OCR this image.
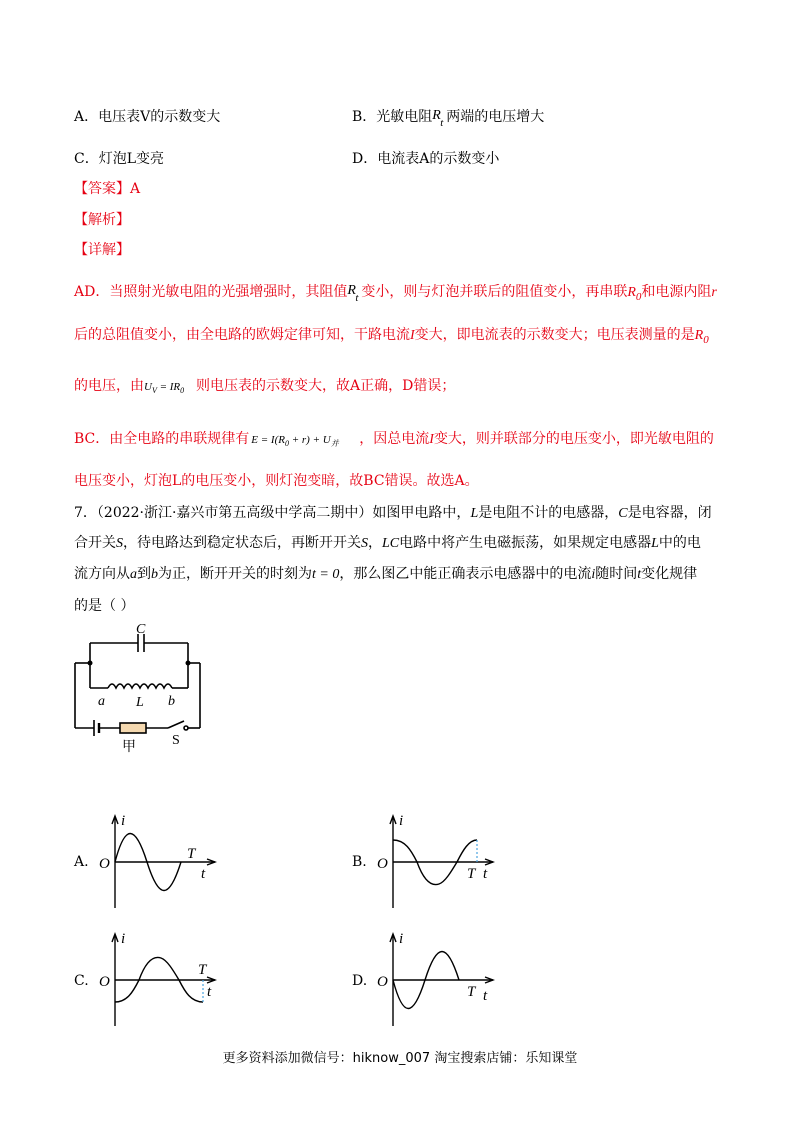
A．电压表V的示数变大	B．光敏电阻 R t 两端的电压增大
C．灯泡L变亮	D．电流表A的示数变小
【答案】A
【解析】
【详解】
AD．当照射光敏电阻的光强增强时，其阻值 R t 变小，则与灯泡并联后的阻值变小，再串联$R_0$和电源内阻r
后的总阻值变小，由全电路的欧姆定律可知，干路电流I变大，即电流表的示数变大；电压表测量的是$R_0$
的电压，由 $U_V = IR_0$ 则电压表的示数变大，故A正确，D错误；
BC．由全电路的串联规律有 $E = I(R_0 + r) + U_并$ ，因总电流I变大，则并联部分的电压变小，即光敏电阻的
电压变小，灯泡L的电压变小，则灯泡变暗，故BC错误。故选A。
7．（2022·浙江·嘉兴市第五高级中学高二期中）如图甲电路中，L是电阻不计的电感器，C是电容器，闭
合开关S，待电路达到稳定状态后，再断开开关S，LC电路中将产生电磁振荡，如果规定电感器L中的电
流方向从a到b为正，断开开关的时刻为t = 0，那么图乙中能正确表示电感器中的电流i随时间t变化规律
的是（ ）
C
a L b
甲	S
A.
i
O
T
t
B.
i
O
T t
C.
i
O
T
t
D.
i
O
T t
更多资料添加微信号：hiknow_007 淘宝搜索店铺：乐知课堂
